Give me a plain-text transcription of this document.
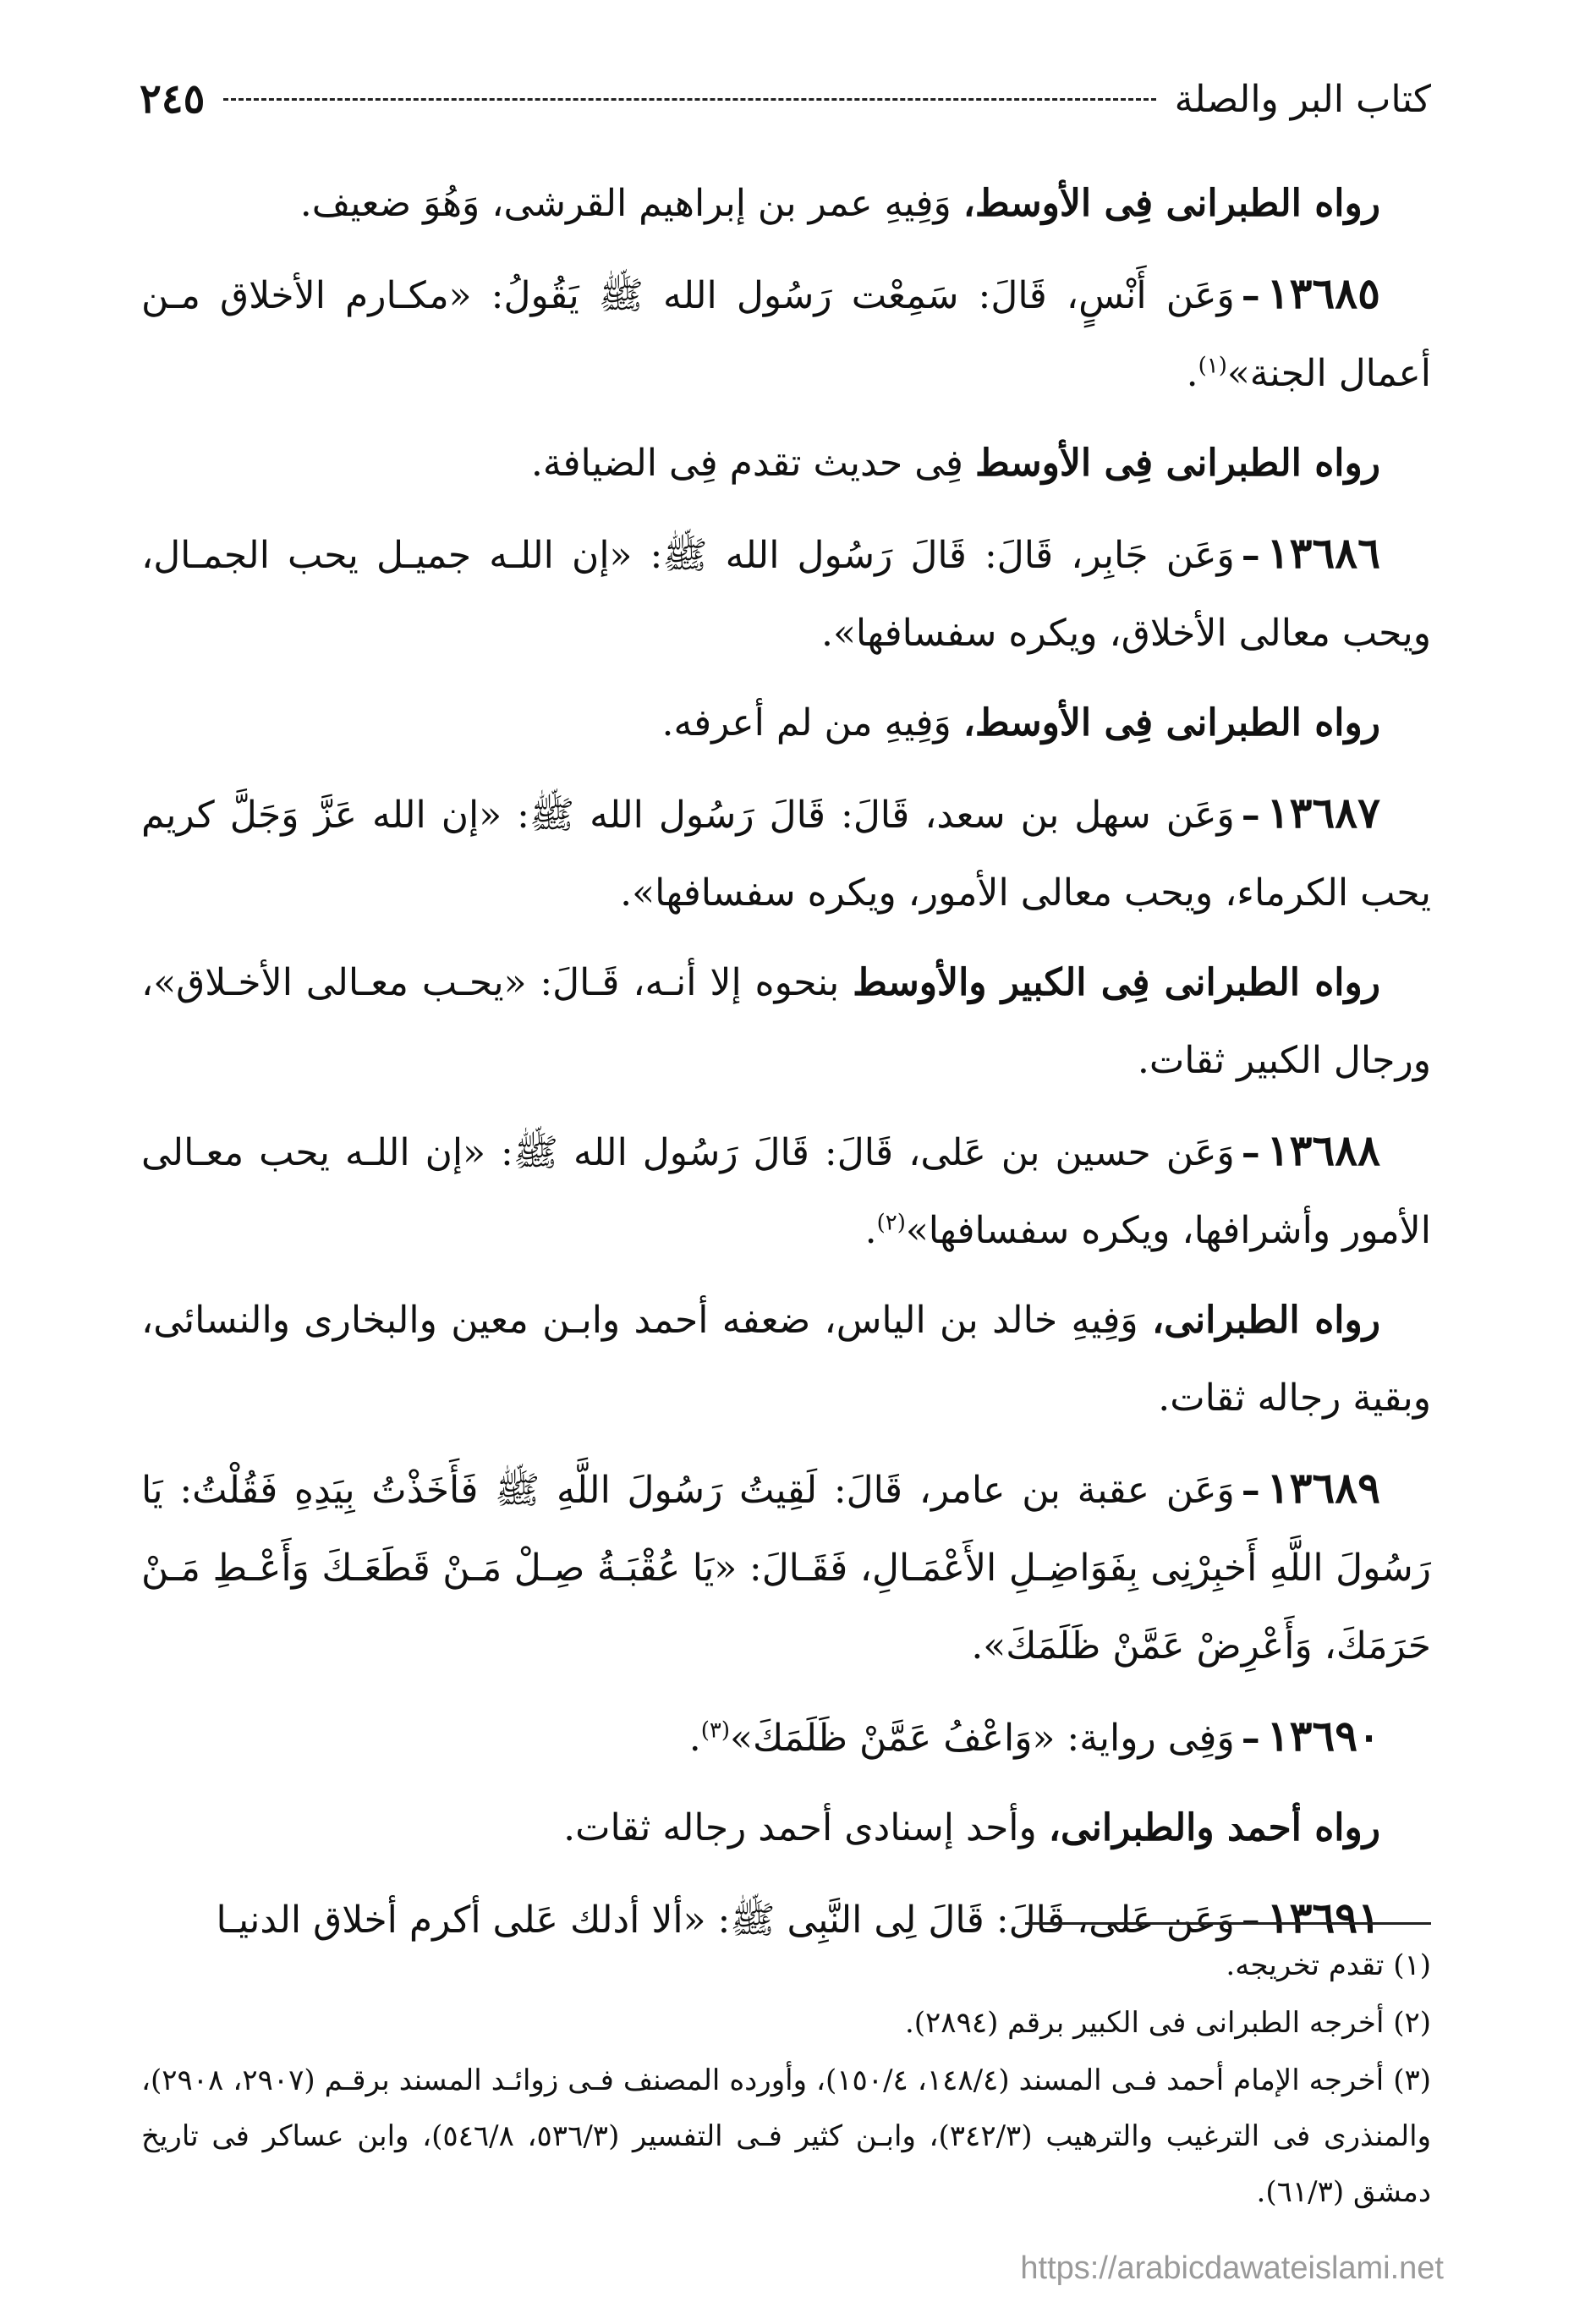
كتاب البر والصلة
٢٤٥

رواه الطبرانى فِى الأوسط، وَفِيهِ عمر بن إبراهيم القرشى، وَهُوَ ضعيف.

١٣٦٨٥–وَعَن أَنْسٍ، قَالَ: سَمِعْت رَسُول الله ﷺ يَقُولُ: «مكـارم الأخلاق مـن أعمال الجنة»$^{(١)}$.

رواه الطبرانى فِى الأوسط فِى حديث تقدم فِى الضيافة.

١٣٦٨٦–وَعَن جَابِر، قَالَ: قَالَ رَسُول الله ﷺ: «إن اللـه جميـل يحب الجمـال، ويحب معالى الأخلاق، ويكره سفسافها».

رواه الطبرانى فِى الأوسط، وَفِيهِ من لم أعرفه.

١٣٦٨٧–وَعَن سهل بن سعد، قَالَ: قَالَ رَسُول الله ﷺ: «إن الله عَزَّ وَجَلَّ كريم يحب الكرماء، ويحب معالى الأمور، ويكره سفسافها».

رواه الطبرانى فِى الكبير والأوسط بنحوه إلا أنـه، قَـالَ: «يحـب معـالى الأخـلاق»، ورجال الكبير ثقات.

١٣٦٨٨–وَعَن حسين بن عَلى، قَالَ: قَالَ رَسُول الله ﷺ: «إن اللـه يحب معـالى الأمور وأشرافها، ويكره سفسافها»$^{(٢)}$.

رواه الطبرانى، وَفِيهِ خالد بن الياس، ضعفه أحمد وابـن معين والبخارى والنسائى، وبقية رجاله ثقات.

١٣٦٨٩–وَعَن عقبة بن عامر، قَالَ: لَقِيتُ رَسُولَ اللَّهِ ﷺ فَأَخَذْتُ بِيَدِهِ فَقُلْتُ: يَا رَسُولَ اللَّهِ أَخبِرْنِى بِفَوَاضِـلِ الأَعْمَـالِ، فَقَـالَ: «يَا عُقْبَـةُ صِـلْ مَـنْ قَطَعَـكَ وَأَعْـطِ مَـنْ حَرَمَكَ، وَأَعْرِضْ عَمَّنْ ظَلَمَكَ».

١٣٦٩٠–وَفِى رواية: «وَاعْفُ عَمَّنْ ظَلَمَكَ»$^{(٣)}$.

رواه أحمد والطبرانى، وأحد إسنادى أحمد رجاله ثقات.

١٣٦٩١–وَعَن عَلى، قَالَ: قَالَ لِى النَّبِى ﷺ: «ألا أدلك عَلى أكرم أخلاق الدنيـا

(١) تقدم تخريجه.

(٢) أخرجه الطبرانى فى الكبير برقم (٢٨٩٤).

(٣) أخرجه الإمام أحمد فـى المسند (١٤٨/٤، ١٥٠/٤)، وأورده المصنف فـى زوائـد المسند برقـم (٢٩٠٧، ٢٩٠٨)، والمنذرى فى الترغيب والترهيب (٣٤٢/٣)، وابـن كثير فـى التفسير (٥٣٦/٣، ٥٤٦/٨)، وابن عساكر فى تاريخ دمشق (٦١/٣).

https://arabicdawateislami.net
